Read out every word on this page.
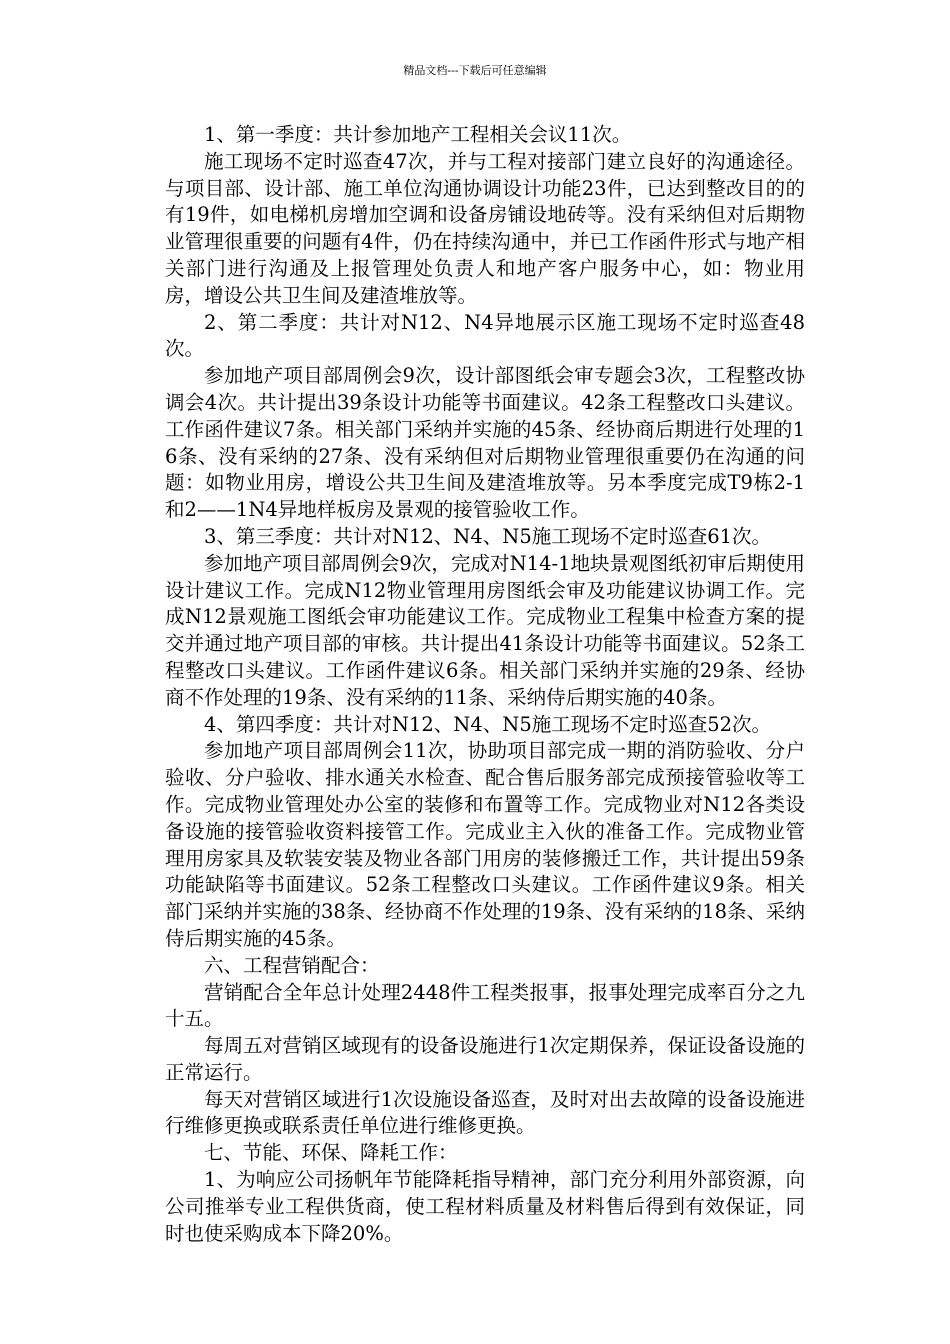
精品文档---下载后可任意编辑

1、第一季度：共计参加地产工程相关会议11次。

施工现场不定时巡查47次，并与工程对接部门建立良好的沟通途径。与项目部、设计部、施工单位沟通协调设计功能23件，已达到整改目的的有19件，如电梯机房增加空调和设备房铺设地砖等。没有采纳但对后期物业管理很重要的问题有4件，仍在持续沟通中，并已工作函件形式与地产相关部门进行沟通及上报管理处负责人和地产客户服务中心，如：物业用房，增设公共卫生间及建渣堆放等。

2、第二季度：共计对N12、N4异地展示区施工现场不定时巡查48次。

参加地产项目部周例会9次，设计部图纸会审专题会3次，工程整改协调会4次。共计提出39条设计功能等书面建议。42条工程整改口头建议。工作函件建议7条。相关部门采纳并实施的45条、经协商后期进行处理的16条、没有采纳的27条、没有采纳但对后期物业管理很重要仍在沟通的问题：如物业用房，增设公共卫生间及建渣堆放等。另本季度完成T9栋2-1和2——1N4异地样板房及景观的接管验收工作。

3、第三季度：共计对N12、N4、N5施工现场不定时巡查61次。

参加地产项目部周例会9次，完成对N14-1地块景观图纸初审后期使用设计建议工作。完成N12物业管理用房图纸会审及功能建议协调工作。完成N12景观施工图纸会审功能建议工作。完成物业工程集中检查方案的提交并通过地产项目部的审核。共计提出41条设计功能等书面建议。52条工程整改口头建议。工作函件建议6条。相关部门采纳并实施的29条、经协商不作处理的19条、没有采纳的11条、采纳侍后期实施的40条。

4、第四季度：共计对N12、N4、N5施工现场不定时巡查52次。

参加地产项目部周例会11次，协助项目部完成一期的消防验收、分户验收、分户验收、排水通关水检查、配合售后服务部完成预接管验收等工作。完成物业管理处办公室的装修和布置等工作。完成物业对N12各类设备设施的接管验收资料接管工作。完成业主入伙的准备工作。完成物业管理用房家具及软装安装及物业各部门用房的装修搬迁工作，共计提出59条功能缺陷等书面建议。52条工程整改口头建议。工作函件建议9条。相关部门采纳并实施的38条、经协商不作处理的19条、没有采纳的18条、采纳侍后期实施的45条。

六、工程营销配合：

营销配合全年总计处理2448件工程类报事，报事处理完成率百分之九十五。

每周五对营销区域现有的设备设施进行1次定期保养，保证设备设施的正常运行。

每天对营销区域进行1次设施设备巡查，及时对出去故障的设备设施进行维修更换或联系责任单位进行维修更换。

七、节能、环保、降耗工作：

1、为响应公司扬帆年节能降耗指导精神，部门充分利用外部资源，向公司推举专业工程供货商，使工程材料质量及材料售后得到有效保证，同时也使采购成本下降20%。
